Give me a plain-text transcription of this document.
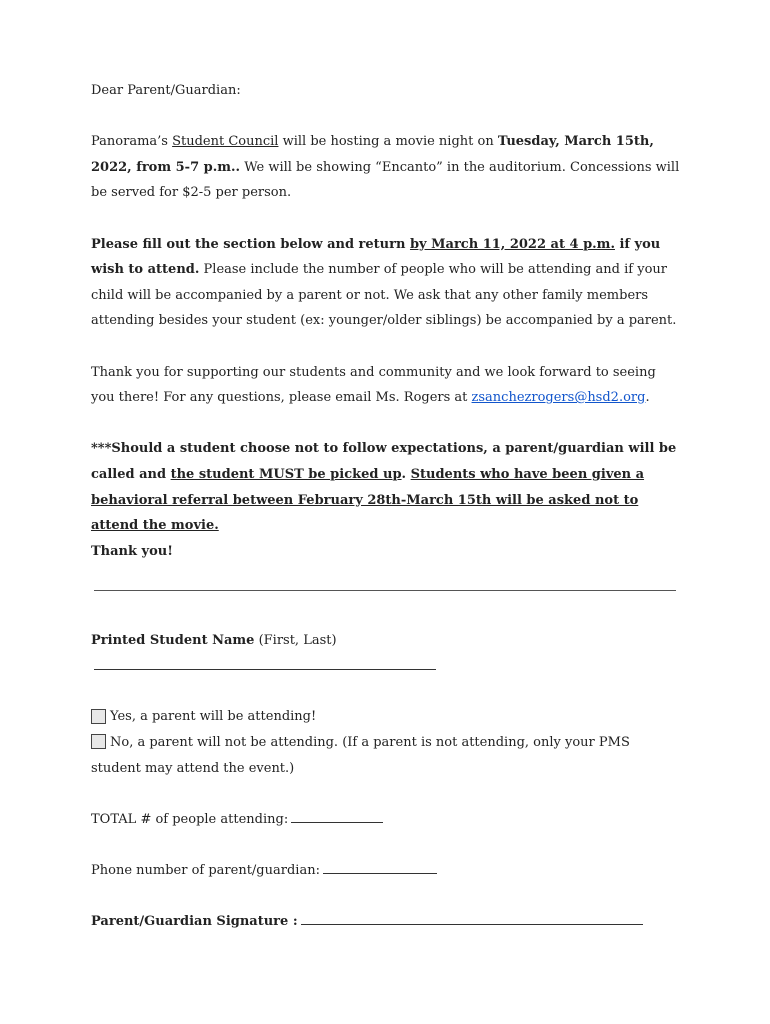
Dear Parent/Guardian:

Panorama’s Student Council will be hosting a movie night on Tuesday, March 15th, 2022, from 5-7 p.m.. We will be showing “Encanto” in the auditorium. Concessions will be served for $2-5 per person.

Please fill out the section below and return by March 11, 2022 at 4 p.m. if you wish to attend. Please include the number of people who will be attending and if your child will be accompanied by a parent or not. We ask that any other family members attending besides your student (ex: younger/older siblings) be accompanied by a parent.

Thank you for supporting our students and community and we look forward to seeing you there! For any questions, please email Ms. Rogers at zsanchezrogers@hsd2.org.

***Should a student choose not to follow expectations, a parent/guardian will be called and the student MUST be picked up. Students who have been given a behavioral referral between February 28th-March 15th will be asked not to attend the movie.

Thank you!

Printed Student Name (First, Last)

Yes, a parent will be attending!

No, a parent will not be attending. (If a parent is not attending, only your PMS student may attend the event.)

TOTAL # of people attending:

Phone number of parent/guardian:

Parent/Guardian Signature :
